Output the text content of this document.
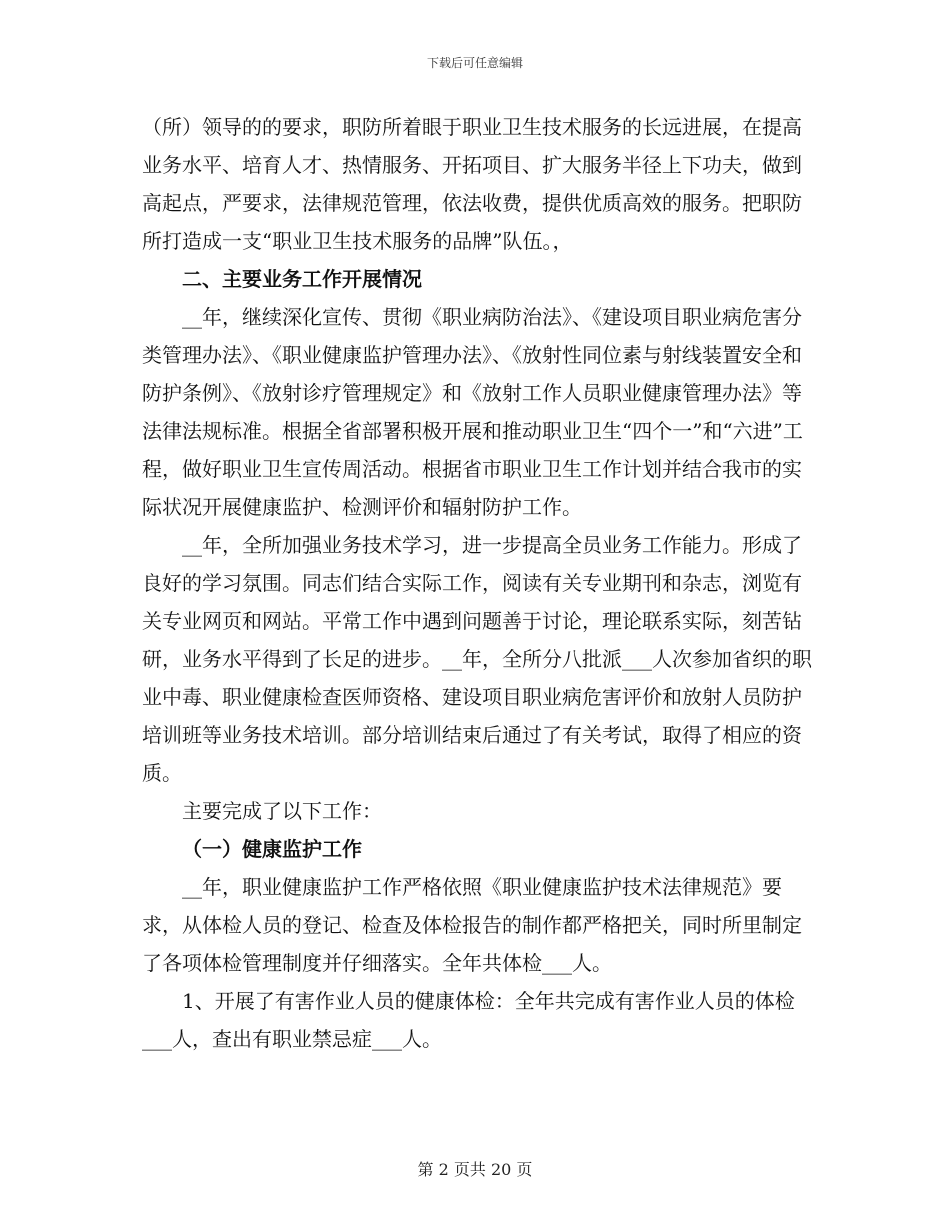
下载后可任意编辑

（所）领导的的要求，职防所着眼于职业卫生技术服务的长远进展，在提高业务水平、培育人才、热情服务、开拓项目、扩大服务半径上下功夫，做到高起点，严要求，法律规范管理，依法收费，提供优质高效的服务。把职防所打造成一支“职业卫生技术服务的品牌”队伍。，

二、主要业务工作开展情况

__年，继续深化宣传、贯彻《职业病防治法》、《建设项目职业病危害分类管理办法》、《职业健康监护管理办法》、《放射性同位素与射线装置安全和防护条例》、《放射诊疗管理规定》和《放射工作人员职业健康管理办法》等法律法规标准。根据全省部署积极开展和推动职业卫生“四个一”和“六进”工程，做好职业卫生宣传周活动。根据省市职业卫生工作计划并结合我市的实际状况开展健康监护、检测评价和辐射防护工作。

__年，全所加强业务技术学习，进一步提高全员业务工作能力。形成了良好的学习氛围。同志们结合实际工作，阅读有关专业期刊和杂志，浏览有关专业网页和网站。平常工作中遇到问题善于讨论，理论联系实际，刻苦钻研，业务水平得到了长足的进步。__年，全所分八批派___人次参加省织的职业中毒、职业健康检查医师资格、建设项目职业病危害评价和放射人员防护培训班等业务技术培训。部分培训结束后通过了有关考试，取得了相应的资质。

主要完成了以下工作：

（一）健康监护工作

__年，职业健康监护工作严格依照《职业健康监护技术法律规范》要求，从体检人员的登记、检查及体检报告的制作都严格把关，同时所里制定了各项体检管理制度并仔细落实。全年共体检___人。

1、开展了有害作业人员的健康体检：全年共完成有害作业人员的体检___人，查出有职业禁忌症___人。

第 2 页共 20 页
